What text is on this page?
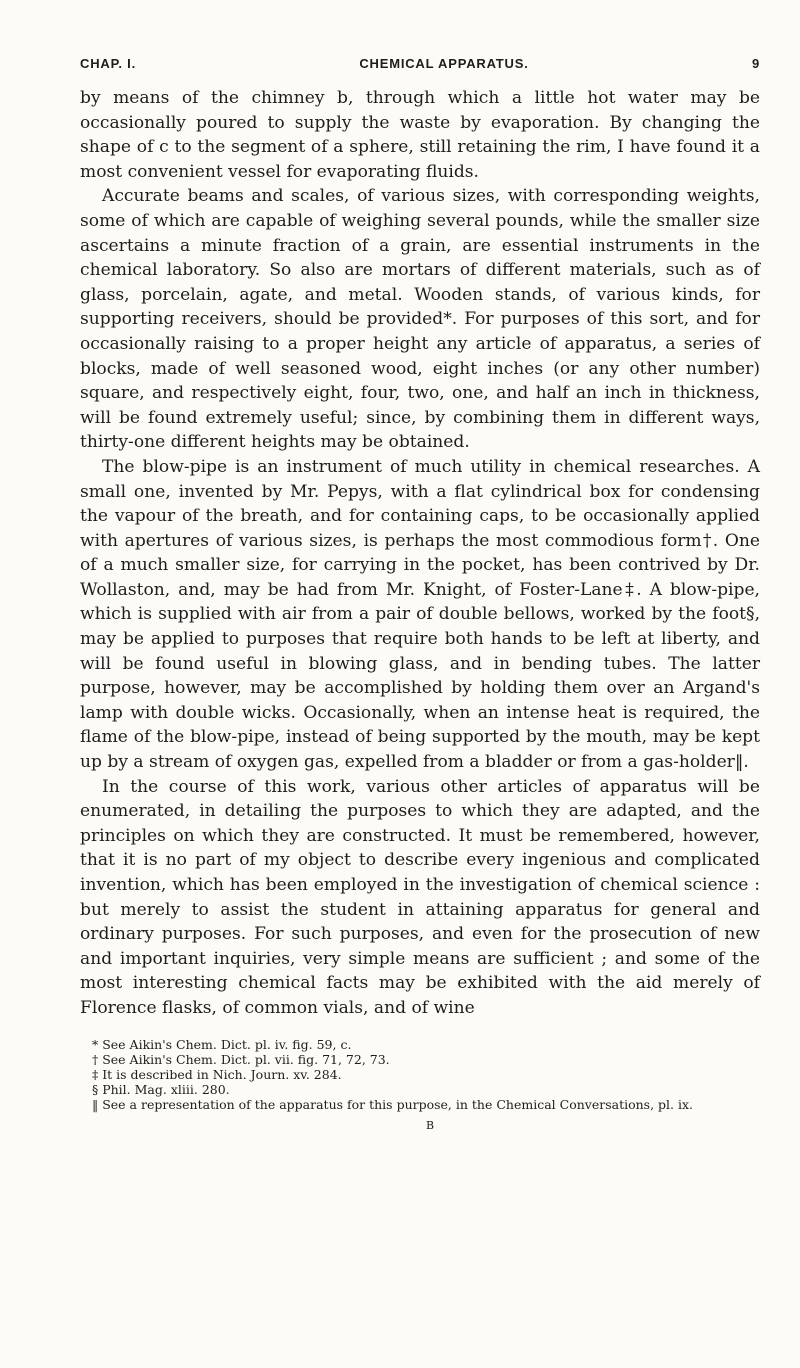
CHAP. I.	CHEMICAL APPARATUS.	9

by means of the chimney b, through which a little hot water may be occasionally poured to supply the waste by evaporation. By changing the shape of c to the segment of a sphere, still retaining the rim, I have found it a most convenient vessel for evaporating fluids.

Accurate beams and scales, of various sizes, with corresponding weights, some of which are capable of weighing several pounds, while the smaller size ascertains a minute fraction of a grain, are essential instruments in the chemical laboratory. So also are mortars of different materials, such as of glass, porcelain, agate, and metal. Wooden stands, of various kinds, for supporting receivers, should be provided*. For purposes of this sort, and for occasionally raising to a proper height any article of apparatus, a series of blocks, made of well seasoned wood, eight inches (or any other number) square, and respectively eight, four, two, one, and half an inch in thickness, will be found extremely useful; since, by combining them in different ways, thirty-one different heights may be obtained.

The blow-pipe is an instrument of much utility in chemical researches. A small one, invented by Mr. Pepys, with a flat cylindrical box for condensing the vapour of the breath, and for containing caps, to be occasionally applied with apertures of various sizes, is perhaps the most commodious form†. One of a much smaller size, for carrying in the pocket, has been contrived by Dr. Wollaston, and, may be had from Mr. Knight, of Foster-Lane‡. A blow-pipe, which is supplied with air from a pair of double bellows, worked by the foot§, may be applied to purposes that require both hands to be left at liberty, and will be found useful in blowing glass, and in bending tubes. The latter purpose, however, may be accomplished by holding them over an Argand's lamp with double wicks. Occasionally, when an intense heat is required, the flame of the blow-pipe, instead of being supported by the mouth, may be kept up by a stream of oxygen gas, expelled from a bladder or from a gas-holder‖.

In the course of this work, various other articles of apparatus will be enumerated, in detailing the purposes to which they are adapted, and the principles on which they are constructed. It must be remembered, however, that it is no part of my object to describe every ingenious and complicated invention, which has been employed in the investigation of chemical science : but merely to assist the student in attaining apparatus for general and ordinary purposes. For such purposes, and even for the prosecution of new and important inquiries, very simple means are sufficient ; and some of the most interesting chemical facts may be exhibited with the aid merely of Florence flasks, of common vials, and of wine

* See Aikin's Chem. Dict. pl. iv. fig. 59, c.

† See Aikin's Chem. Dict. pl. vii. fig. 71, 72, 73.

‡ It is described in Nich. Journ. xv. 284.

§ Phil. Mag. xliii. 280.

‖ See a representation of the apparatus for this purpose, in the Chemical Conversations, pl. ix.

B
